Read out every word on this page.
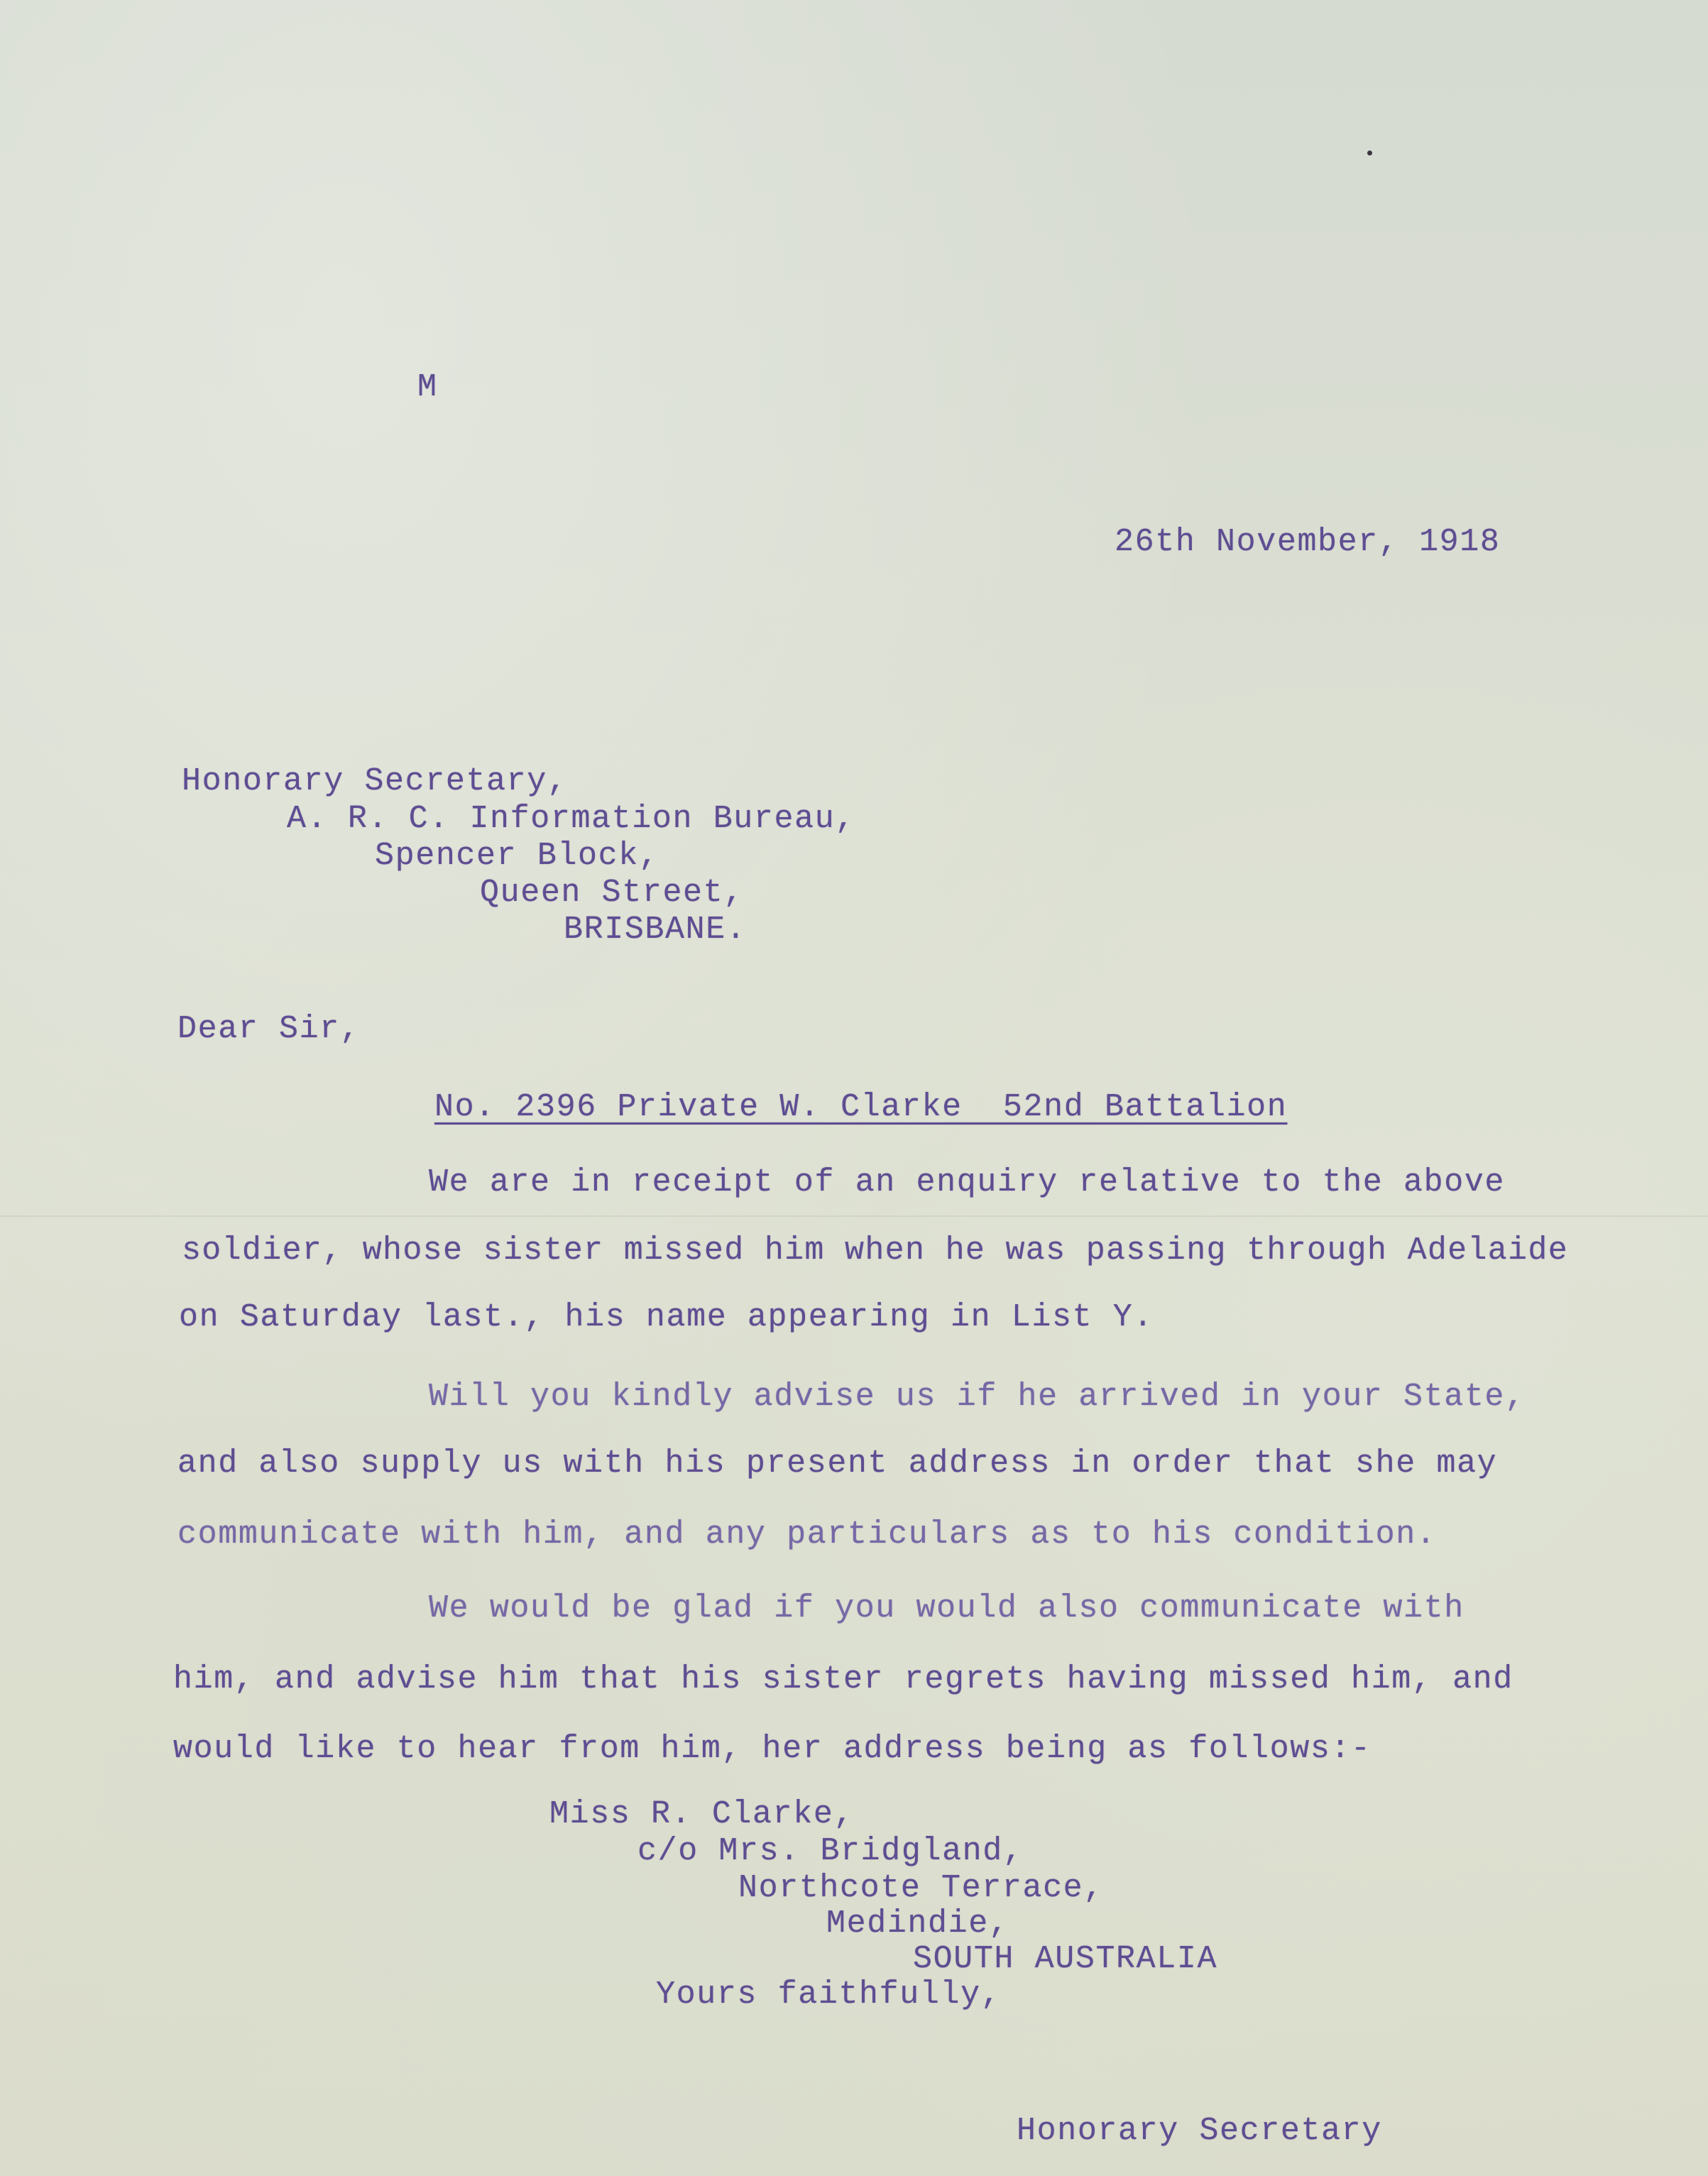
M
26th November, 1918
Honorary Secretary,
A. R. C. Information Bureau,
Spencer Block,
Queen Street,
BRISBANE.
Dear Sir,
No. 2396 Private W. Clarke  52nd Battalion
We are in receipt of an enquiry relative to the above
soldier, whose sister missed him when he was passing through Adelaide
on Saturday last., his name appearing in List Y.
Will you kindly advise us if he arrived in your State,
and also supply us with his present address in order that she may
communicate with him, and any particulars as to his condition.
We would be glad if you would also communicate with
him, and advise him that his sister regrets having missed him, and
would like to hear from him, her address being as follows:-
Miss R. Clarke,
c/o Mrs. Bridgland,
Northcote Terrace,
Medindie,
SOUTH AUSTRALIA
Yours faithfully,
Honorary Secretary
